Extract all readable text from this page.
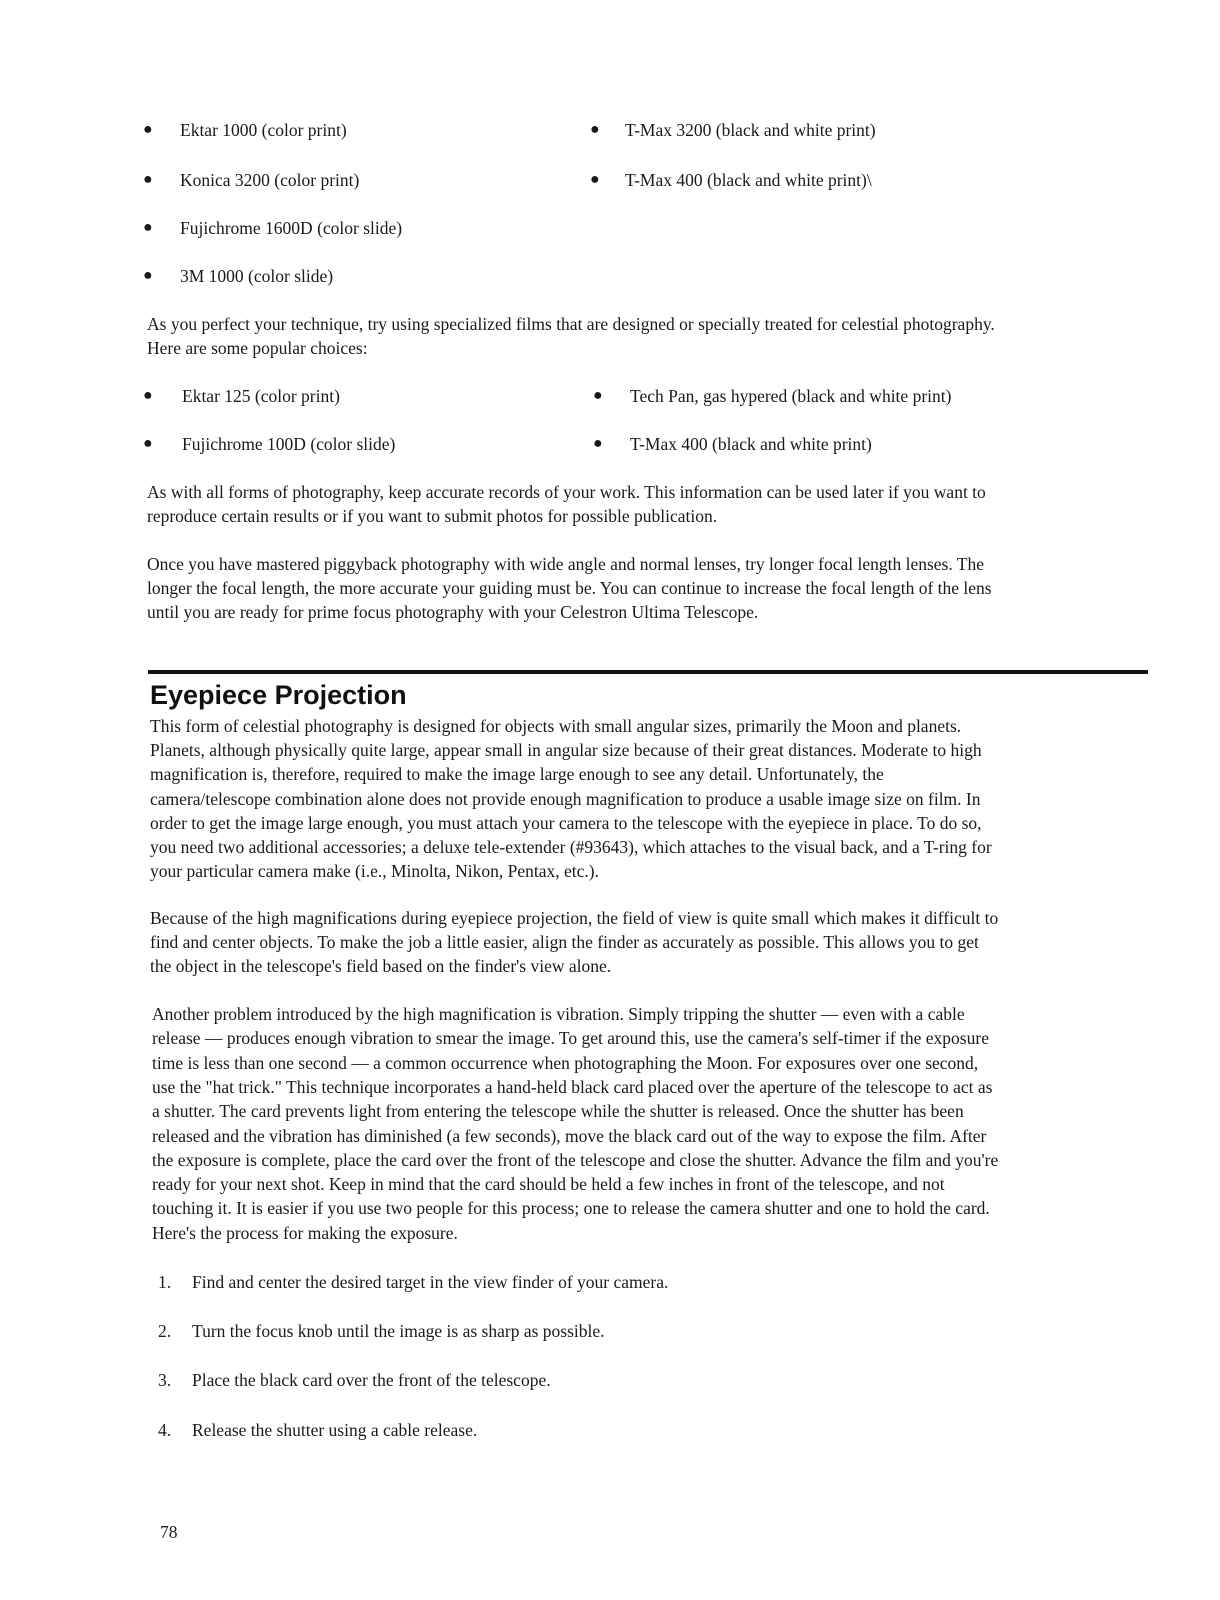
● Ektar 1000 (color print)	● T-Max 3200 (black and white print)
● Konica 3200 (color print)	● T-Max 400 (black and white print)\
● Fujichrome 1600D (color slide)
● 3M 1000 (color slide)
As you perfect your technique, try using specialized films that are designed or specially treated for celestial photography.
Here are some popular choices:
● Ektar 125 (color print)	● Tech Pan, gas hypered (black and white print)
● Fujichrome 100D (color slide)	● T-Max 400 (black and white print)
As with all forms of photography, keep accurate records of your work. This information can be used later if you want to
reproduce certain results or if you want to submit photos for possible publication.
Once you have mastered piggyback photography with wide angle and normal lenses, try longer focal length lenses. The
longer the focal length, the more accurate your guiding must be. You can continue to increase the focal length of the lens
until you are ready for prime focus photography with your Celestron Ultima Telescope.
Eyepiece Projection
This form of celestial photography is designed for objects with small angular sizes, primarily the Moon and planets.
Planets, although physically quite large, appear small in angular size because of their great distances. Moderate to high
magnification is, therefore, required to make the image large enough to see any detail. Unfortunately, the
camera/telescope combination alone does not provide enough magnification to produce a usable image size on film. In
order to get the image large enough, you must attach your camera to the telescope with the eyepiece in place. To do so,
you need two additional accessories; a deluxe tele-extender (#93643), which attaches to the visual back, and a T-ring for
your particular camera make (i.e., Minolta, Nikon, Pentax, etc.).
Because of the high magnifications during eyepiece projection, the field of view is quite small which makes it difficult to
find and center objects. To make the job a little easier, align the finder as accurately as possible. This allows you to get
the object in the telescope's field based on the finder's view alone.
Another problem introduced by the high magnification is vibration. Simply tripping the shutter — even with a cable
release — produces enough vibration to smear the image. To get around this, use the camera's self-timer if the exposure
time is less than one second — a common occurrence when photographing the Moon. For exposures over one second,
use the "hat trick." This technique incorporates a hand-held black card placed over the aperture of the telescope to act as
a shutter. The card prevents light from entering the telescope while the shutter is released. Once the shutter has been
released and the vibration has diminished (a few seconds), move the black card out of the way to expose the film. After
the exposure is complete, place the card over the front of the telescope and close the shutter. Advance the film and you're
ready for your next shot. Keep in mind that the card should be held a few inches in front of the telescope, and not
touching it. It is easier if you use two people for this process; one to release the camera shutter and one to hold the card.
Here's the process for making the exposure.
1. Find and center the desired target in the view finder of your camera.
2. Turn the focus knob until the image is as sharp as possible.
3. Place the black card over the front of the telescope.
4. Release the shutter using a cable release.
78
